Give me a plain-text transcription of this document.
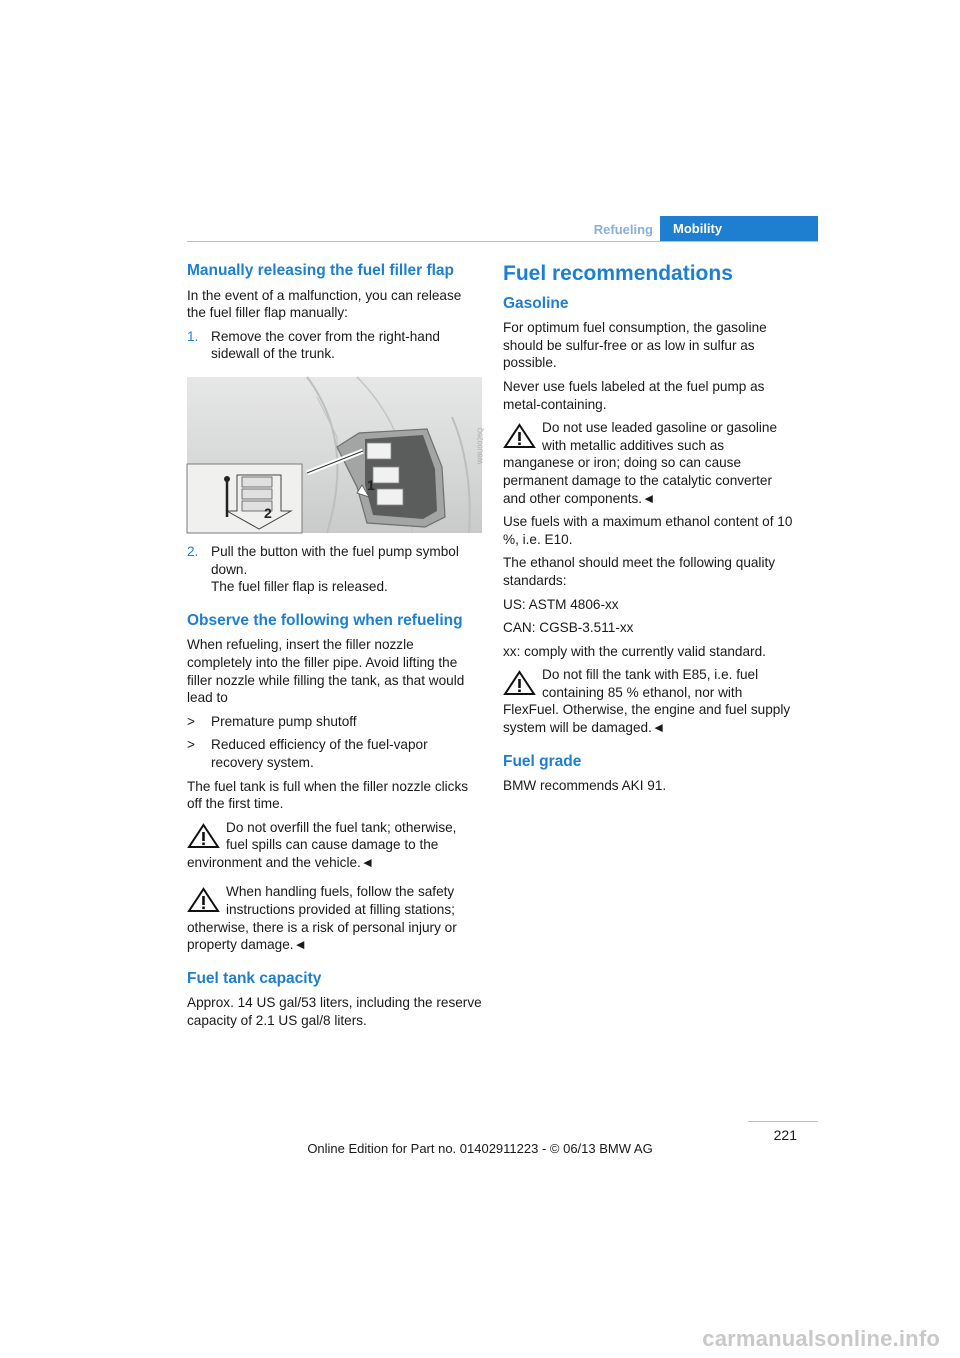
Refueling	Mobility
Manually releasing the fuel filler flap

In the event of a malfunction, you can release the fuel filler flap manually:

1. Remove the cover from the right-hand sidewall of the trunk.
1
2
W8U0026Q
2. Pull the button with the fuel pump symbol down.
The fuel filler flap is released.
Observe the following when refueling

When refueling, insert the filler nozzle completely into the filler pipe. Avoid lifting the filler nozzle while filling the tank, as that would lead to

> Premature pump shutoff
> Reduced efficiency of the fuel-vapor recovery system.

The fuel tank is full when the filler nozzle clicks off the first time.

Do not overfill the fuel tank; otherwise, fuel spills can cause damage to the environment and the vehicle.◄
When handling fuels, follow the safety instructions provided at filling stations; otherwise, there is a risk of personal injury or property damage.◄
Fuel tank capacity

Approx. 14 US gal/53 liters, including the reserve capacity of 2.1 US gal/8 liters.

Fuel recommendations
Gasoline

For optimum fuel consumption, the gasoline should be sulfur-free or as low in sulfur as possible.

Never use fuels labeled at the fuel pump as metal-containing.

Do not use leaded gasoline or gasoline with metallic additives such as manganese or iron; doing so can cause permanent damage to the catalytic converter and other components.◄

Use fuels with a maximum ethanol content of 10 %, i.e. E10.

The ethanol should meet the following quality standards:

US: ASTM 4806-xx

CAN: CGSB-3.511-xx

xx: comply with the currently valid standard.

Do not fill the tank with E85, i.e. fuel containing 85 % ethanol, nor with FlexFuel. Otherwise, the engine and fuel supply system will be damaged.◄
Fuel grade

BMW recommends AKI 91.

221
Online Edition for Part no. 01402911223 - © 06/13 BMW AG
carmanualsonline.info
